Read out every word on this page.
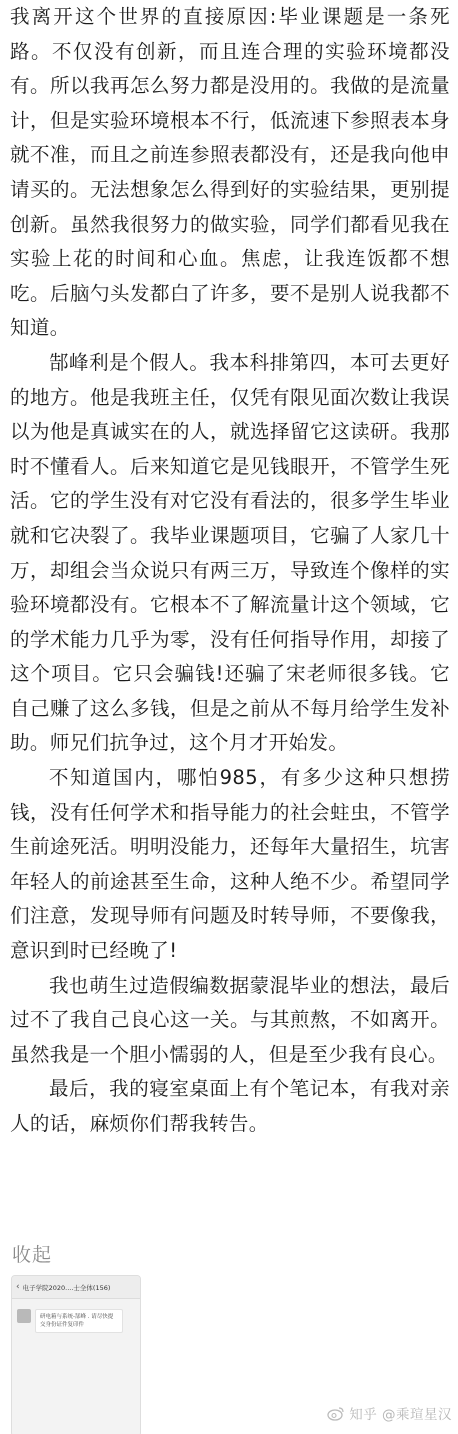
我离开这个世界的直接原因:毕业课题是一条死路。不仅没有创新，而且连合理的实验环境都没有。所以我再怎么努力都是没用的。我做的是流量计，但是实验环境根本不行，低流速下参照表本身就不准，而且之前连参照表都没有，还是我向他申请买的。无法想象怎么得到好的实验结果，更别提创新。虽然我很努力的做实验，同学们都看见我在实验上花的时间和心血。焦虑，让我连饭都不想吃。后脑勺头发都白了许多，要不是别人说我都不知道。

郜峰利是个假人。我本科排第四，本可去更好的地方。他是我班主任，仅凭有限见面次数让我误以为他是真诚实在的人，就选择留它这读研。我那时不懂看人。后来知道它是见钱眼开，不管学生死活。它的学生没有对它没有看法的，很多学生毕业就和它决裂了。我毕业课题项目，它骗了人家几十万，却组会当众说只有两三万，导致连个像样的实验环境都没有。它根本不了解流量计这个领域，它的学术能力几乎为零，没有任何指导作用，却接了这个项目。它只会骗钱!还骗了宋老师很多钱。它自己赚了这么多钱，但是之前从不每月给学生发补助。师兄们抗争过，这个月才开始发。

不知道国内，哪怕985，有多少这种只想捞钱，没有任何学术和指导能力的社会蛀虫，不管学生前途死活。明明没能力，还每年大量招生，坑害年轻人的前途甚至生命，这种人绝不少。希望同学们注意，发现导师有问题及时转导师，不要像我，意识到时已经晚了!

我也萌生过造假编数据蒙混毕业的想法，最后过不了我自己良心这一关。与其煎熬，不如离开。虽然我是一个胆小懦弱的人，但是至少我有良心。

最后，我的寝室桌面上有个笔记本，有我对亲人的话，麻烦你们帮我转告。

收起
‹ 电子学院2020....士全体(156)
研电箱与系统-郜峰 . 请尽快提交身份证件复印件
知乎 @乘瑄星汉
